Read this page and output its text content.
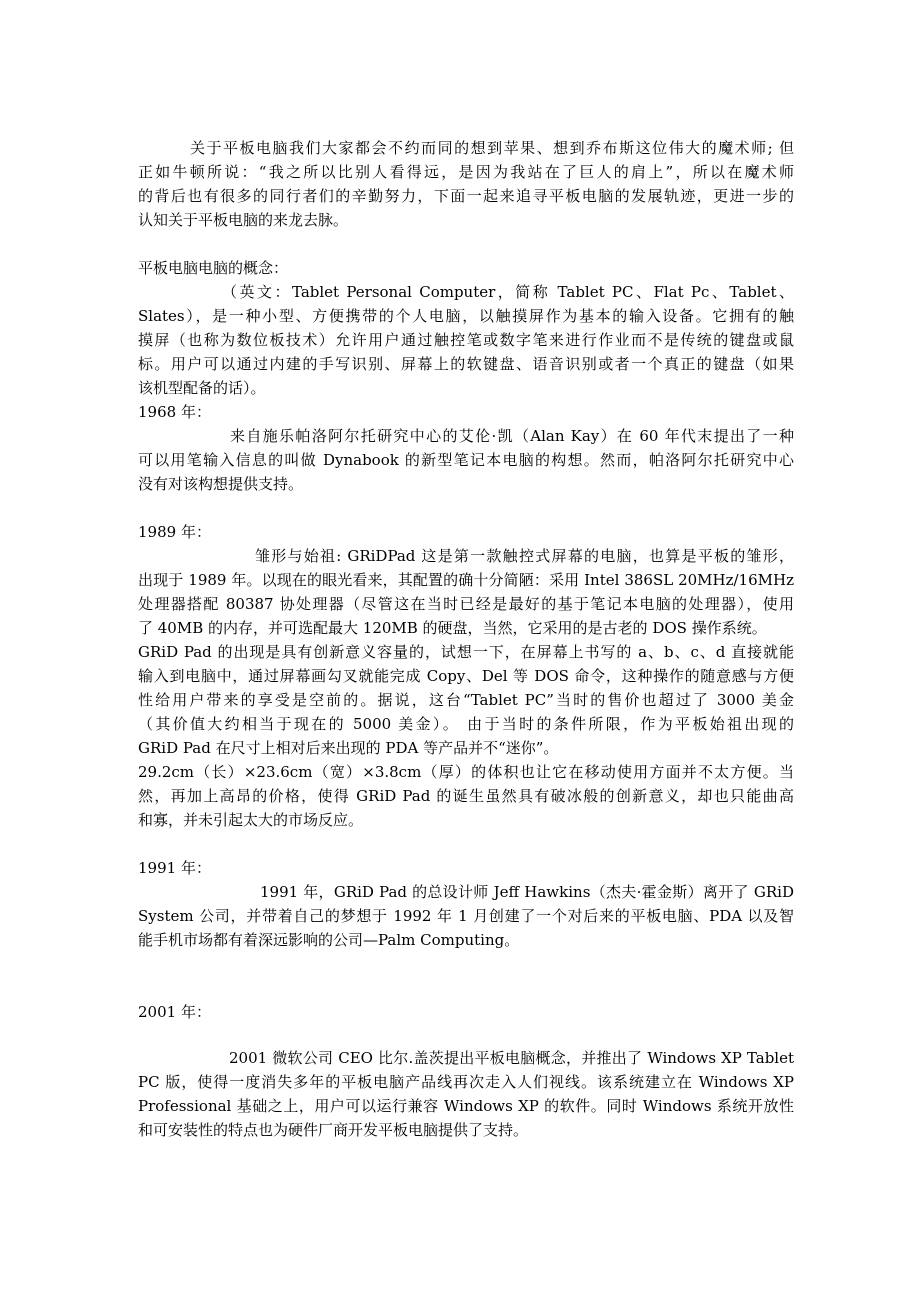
关于平板电脑我们大家都会不约而同的想到苹果、想到乔布斯这位伟大的魔术师; 但
正如牛顿所说：“我之所以比别人看得远，是因为我站在了巨人的肩上”，所以在魔术师
的背后也有很多的同行者们的辛勤努力，下面一起来追寻平板电脑的发展轨迹，更进一步的
认知关于平板电脑的来龙去脉。
平板电脑电脑的概念：
（英文：Tablet Personal Computer，简称 Tablet PC、Flat Pc、Tablet、
Slates），是一种小型、方便携带的个人电脑，以触摸屏作为基本的输入设备。它拥有的触
摸屏（也称为数位板技术）允许用户通过触控笔或数字笔来进行作业而不是传统的键盘或鼠
标。用户可以通过内建的手写识别、屏幕上的软键盘、语音识别或者一个真正的键盘（如果
该机型配备的话）。
1968 年：
来自施乐帕洛阿尔托研究中心的艾伦·凯（Alan Kay）在 60 年代末提出了一种
可以用笔输入信息的叫做 Dynabook 的新型笔记本电脑的构想。然而，帕洛阿尔托研究中心
没有对该构想提供支持。
1989 年：
雏形与始祖: GRiDPad 这是第一款触控式屏幕的电脑，也算是平板的雏形，
出现于 1989 年。以现在的眼光看来，其配置的确十分简陋：采用 Intel 386SL 20MHz/16MHz
处理器搭配 80387 协处理器（尽管这在当时已经是最好的基于笔记本电脑的处理器），使用
了 40MB 的内存，并可选配最大 120MB 的硬盘，当然，它采用的是古老的 DOS 操作系统。
GRiD Pad 的出现是具有创新意义容量的，试想一下，在屏幕上书写的 a、b、c、d 直接就能
输入到电脑中，通过屏幕画勾叉就能完成 Copy、Del 等 DOS 命令，这种操作的随意感与方便
性给用户带来的享受是空前的。据说，这台“Tablet PC”当时的售价也超过了 3000 美金
（其价值大约相当于现在的 5000 美金）。 由于当时的条件所限，作为平板始祖出现的
GRiD Pad 在尺寸上相对后来出现的 PDA 等产品并不“迷你”。
29.2cm（长）×23.6cm（宽）×3.8cm（厚）的体积也让它在移动使用方面并不太方便。当
然，再加上高昂的价格，使得 GRiD Pad 的诞生虽然具有破冰般的创新意义，却也只能曲高
和寡，并未引起太大的市场反应。
1991 年：
1991 年，GRiD Pad 的总设计师 Jeff Hawkins（杰夫·霍金斯）离开了 GRiD
System 公司，并带着自己的梦想于 1992 年 1 月创建了一个对后来的平板电脑、PDA 以及智
能手机市场都有着深远影响的公司—Palm Computing。
2001 年：
2001 微软公司 CEO 比尔.盖茨提出平板电脑概念，并推出了 Windows XP Tablet
PC 版，使得一度消失多年的平板电脑产品线再次走入人们视线。该系统建立在 Windows XP
Professional 基础之上，用户可以运行兼容 Windows XP 的软件。同时 Windows 系统开放性
和可安装性的特点也为硬件厂商开发平板电脑提供了支持。
